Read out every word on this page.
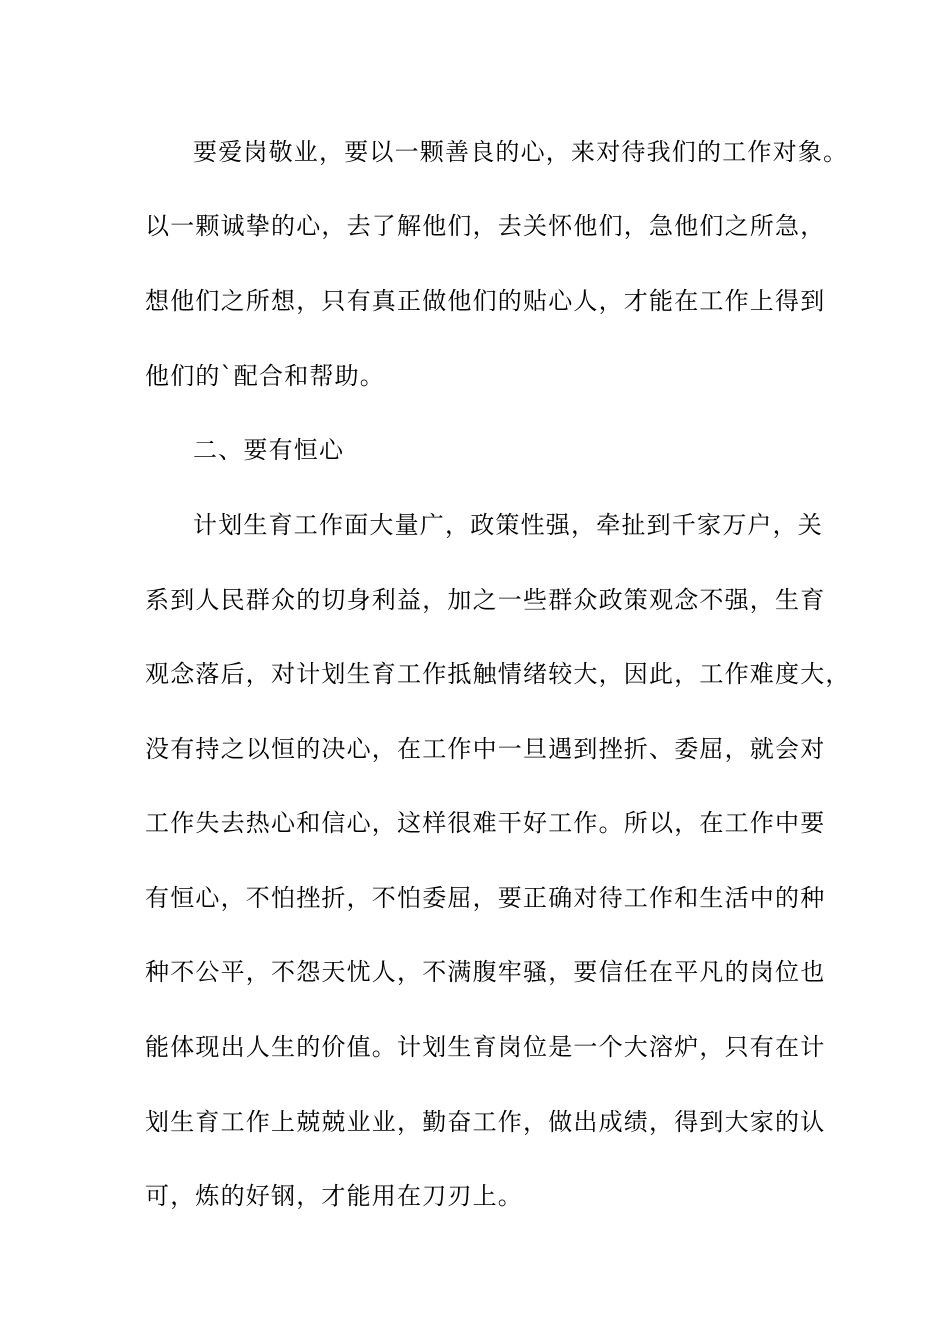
要爱岗敬业，要以一颗善良的心，来对待我们的工作对象。
以一颗诚挚的心，去了解他们，去关怀他们，急他们之所急，
想他们之所想，只有真正做他们的贴心人，才能在工作上得到
他们的`配合和帮助。
二、要有恒心
计划生育工作面大量广，政策性强，牵扯到千家万户，关
系到人民群众的切身利益，加之一些群众政策观念不强，生育
观念落后，对计划生育工作抵触情绪较大，因此，工作难度大，
没有持之以恒的决心，在工作中一旦遇到挫折、委屈，就会对
工作失去热心和信心，这样很难干好工作。所以，在工作中要
有恒心，不怕挫折，不怕委屈，要正确对待工作和生活中的种
种不公平，不怨天忧人，不满腹牢骚，要信任在平凡的岗位也
能体现出人生的价值。计划生育岗位是一个大溶炉，只有在计
划生育工作上兢兢业业，勤奋工作，做出成绩，得到大家的认
可，炼的好钢，才能用在刀刃上。
